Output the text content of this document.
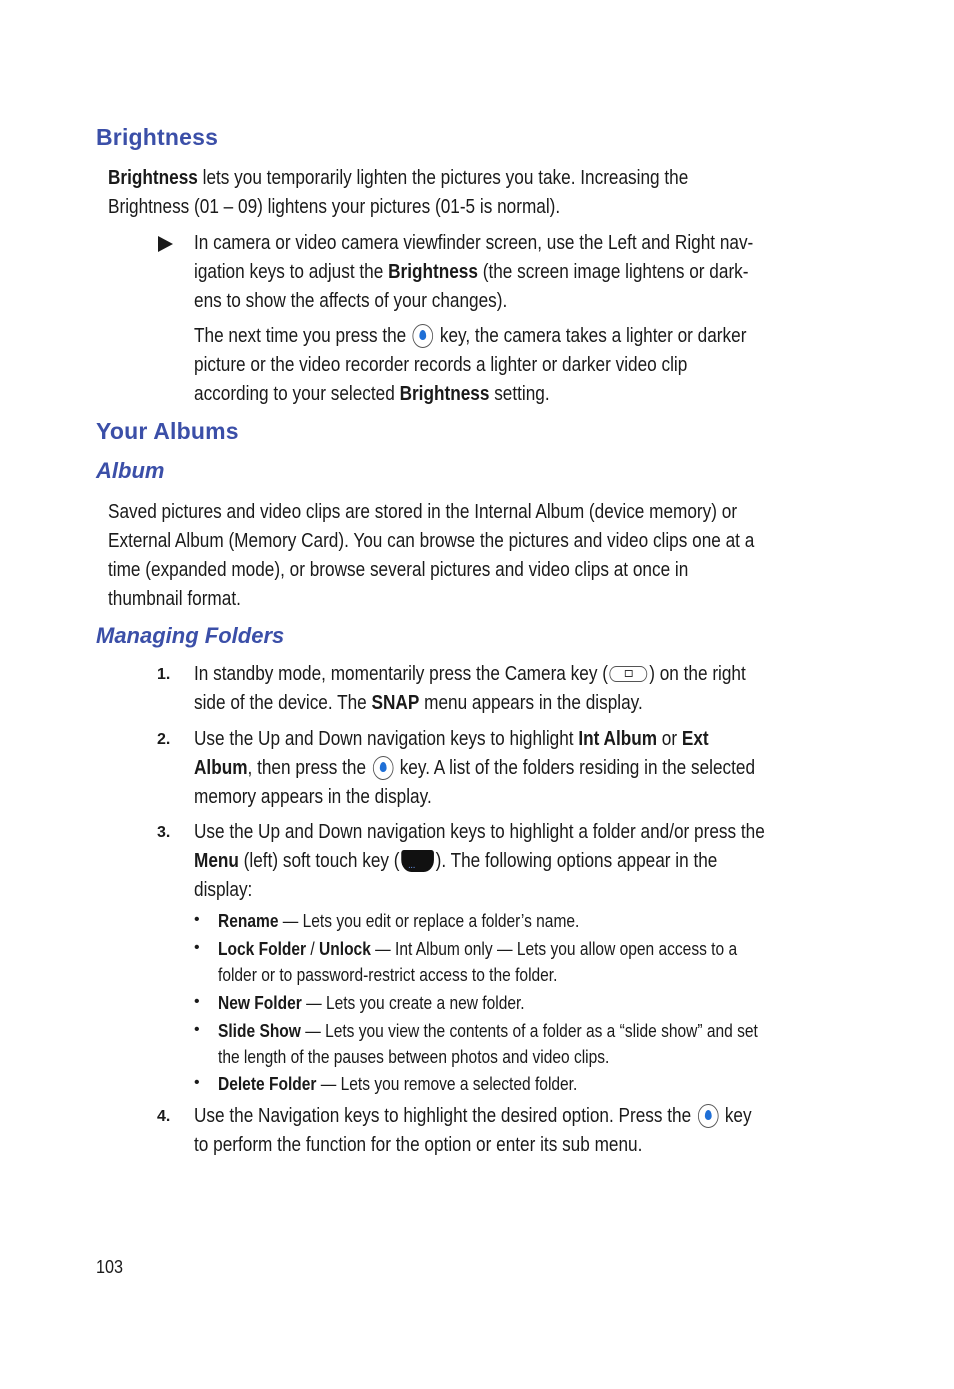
Brightness

Brightness lets you temporarily lighten the pictures you take. Increasing the
Brightness (01 – 09) lightens your pictures (01-5 is normal).

In camera or video camera viewfinder screen, use the Left and Right nav-
igation keys to adjust the Brightness (the screen image lightens or dark-
ens to show the affects of your changes).

The next time you press the  key, the camera takes a lighter or darker
picture or the video recorder records a lighter or darker video clip
according to your selected Brightness setting.

Your Albums
Album

Saved pictures and video clips are stored in the Internal Album (device memory) or
External Album (Memory Card). You can browse the pictures and video clips one at a
time (expanded mode), or browse several pictures and video clips at once in
thumbnail format.

Managing Folders

1. In standby mode, momentarily press the Camera key ( ) on the right
side of the device. The SNAP menu appears in the display.

2. Use the Up and Down navigation keys to highlight Int Album or Ext
Album, then press the  key. A list of the folders residing in the selected
memory appears in the display.

3. Use the Up and Down navigation keys to highlight a folder and/or press the
Menu (left) soft touch key (... ). The following options appear in the
display:

• Rename — Lets you edit or replace a folder’s name.

• Lock Folder / Unlock — Int Album only — Lets you allow open access to a
folder or to password-restrict access to the folder.

• New Folder — Lets you create a new folder.

• Slide Show — Lets you view the contents of a folder as a “slide show” and set
the length of the pauses between photos and video clips.

• Delete Folder — Lets you remove a selected folder.

4. Use the Navigation keys to highlight the desired option. Press the  key
to perform the function for the option or enter its sub menu.

103
